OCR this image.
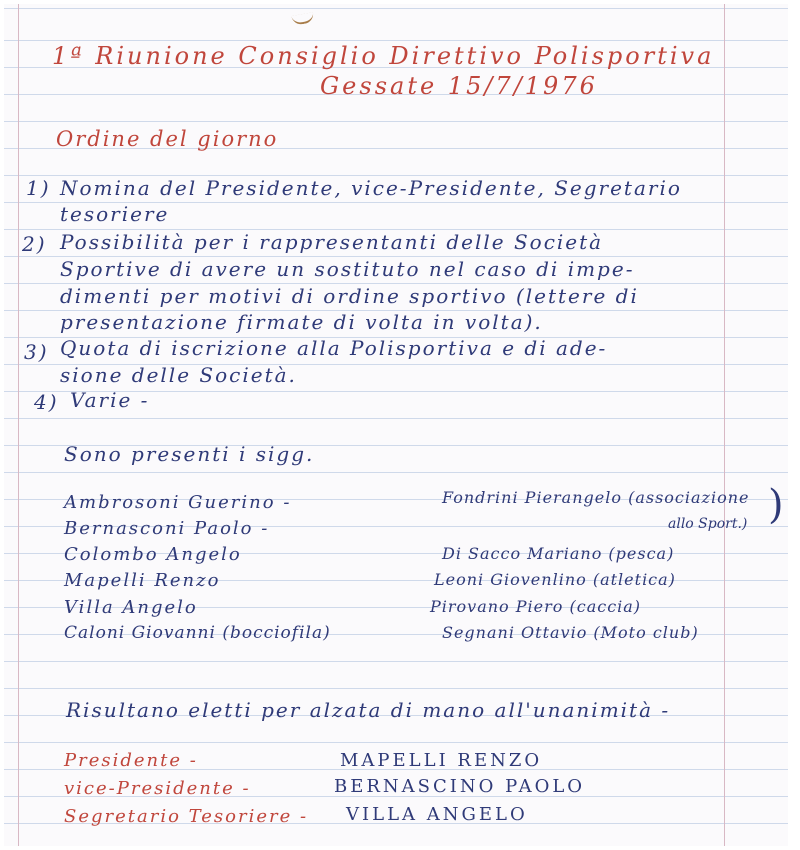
1ª Riunione Consiglio Direttivo Polisportiva
Gessate 15/7/1976
Ordine del giorno
1) Nomina del Presidente, vice-Presidente, Segretario
tesoriere
2) Possibilità per i rappresentanti delle Società
Sportive di avere un sostituto nel caso di impe-
dimenti per motivi di ordine sportivo (lettere di
presentazione firmate di volta in volta).
3) Quota di iscrizione alla Polisportiva e di ade-
sione delle Società.
4) Varie -
Sono presenti i sigg.
Ambrosoni Guerino -
Bernasconi Paolo -
Colombo Angelo
Mapelli Renzo
Villa Angelo
Caloni Giovanni (bocciofila)
Fondrini Pierangelo (associazione
allo Sport.) )
Di Sacco Mariano (pesca)
Leoni Giovenlino (atletica)
Pirovano Piero (caccia)
Segnani Ottavio (Moto club)
Risultano eletti per alzata di mano all'unanimità -
Presidente -	MAPELLI RENZO
vice-Presidente -	BERNASCINO PAOLO
Segretario Tesoriere - VILLA ANGELO
